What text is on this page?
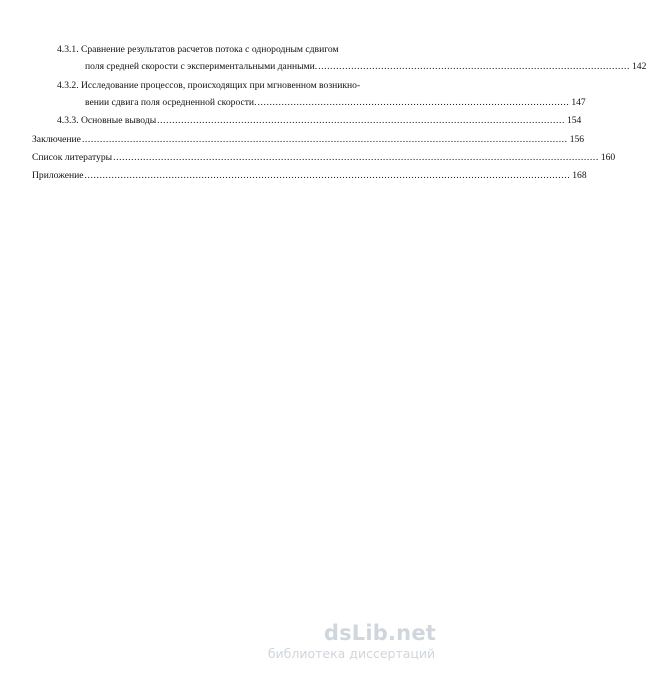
4.3.1. Сравнение результатов расчетов потока с однородным сдвигом
поля средней скорости с экспериментальными данными. ........................................................................................................ 142
4.3.2. Исследование процессов, происходящих при мгновенном возникно-
вении сдвига поля осредненной скорости. ........................................................................................................ 147
4.3.3. Основные выводы ........................................................................................................................................ 154
Заключение .................................................................................................................................................................. 156
Список литературы .................................................................................................................................................................. 160
Приложение .................................................................................................................................................................. 168
dsLib.net
библиотека диссертаций
